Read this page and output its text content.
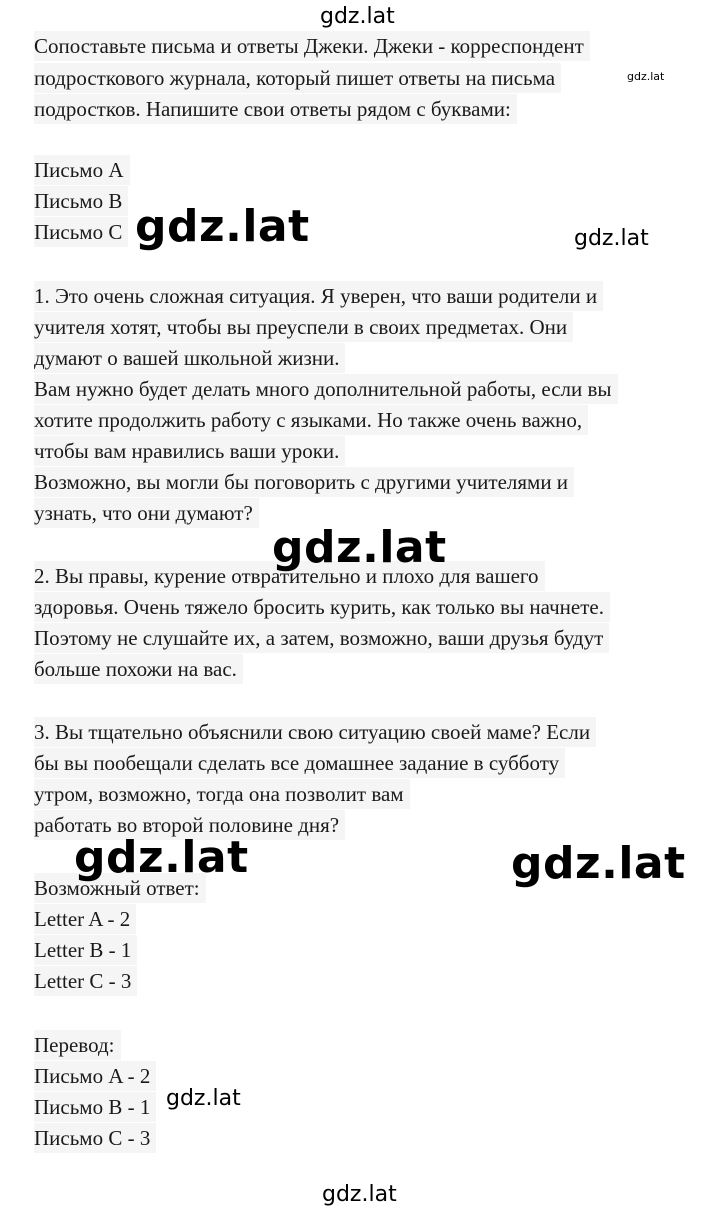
Сопоставьте письма и ответы Джеки. Джеки - корреспондент
подросткового журнала, который пишет ответы на письма
подростков. Напишите свои ответы рядом с буквами:
Письмо A
Письмо B
Письмо C
1. Это очень сложная ситуация. Я уверен, что ваши родители и
учителя хотят, чтобы вы преуспели в своих предметах. Они
думают о вашей школьной жизни.
Вам нужно будет делать много дополнительной работы, если вы
хотите продолжить работу с языками. Но также очень важно,
чтобы вам нравились ваши уроки.
Возможно, вы могли бы поговорить с другими учителями и
узнать, что они думают?
2. Вы правы, курение отвратительно и плохо для вашего
здоровья. Очень тяжело бросить курить, как только вы начнете.
Поэтому не слушайте их, а затем, возможно, ваши друзья будут
больше похожи на вас.
3. Вы тщательно объяснили свою ситуацию своей маме? Если
бы вы пообещали сделать все домашнее задание в субботу
утром, возможно, тогда она позволит вам
работать во второй половине дня?
Возможный ответ:
Letter A - 2
Letter B - 1
Letter C - 3
Перевод:
Письмо A - 2
Письмо B - 1
Письмо C - 3
gdz.lat
gdz.lat
gdz.lat	gdz.lat
gdz.lat
gdz.lat	gdz.lat
gdz.lat
gdz.lat
